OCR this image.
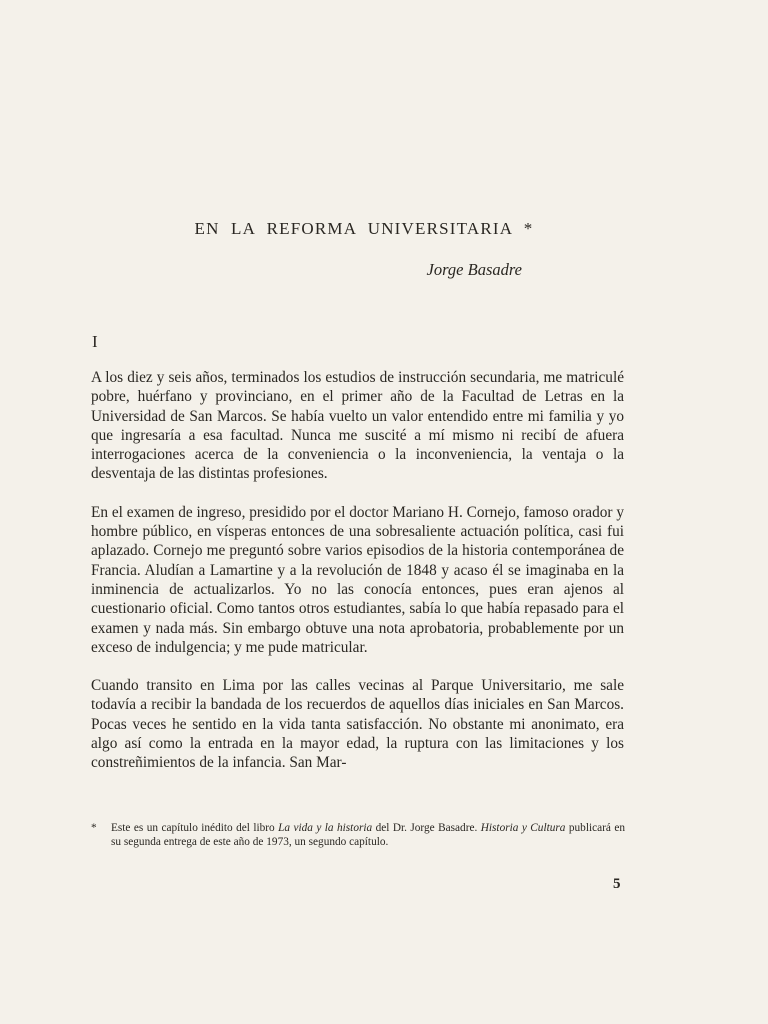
EN LA REFORMA UNIVERSITARIA *
Jorge Basadre
I

A los diez y seis años, terminados los estudios de instrucción secundaria, me matriculé pobre, huérfano y provinciano, en el primer año de la Facultad de Letras en la Universidad de San Marcos. Se había vuelto un valor entendido entre mi familia y yo que ingresaría a esa facultad. Nunca me suscité a mí mismo ni recibí de afuera interrogaciones acerca de la conveniencia o la inconveniencia, la ventaja o la desventaja de las distintas profesiones.

En el examen de ingreso, presidido por el doctor Mariano H. Cornejo, famoso orador y hombre público, en vísperas entonces de una sobresaliente actuación política, casi fui aplazado. Cornejo me preguntó sobre varios episodios de la historia contemporánea de Francia. Aludían a Lamartine y a la revolución de 1848 y acaso él se imaginaba en la inminencia de actualizarlos. Yo no las conocía entonces, pues eran ajenos al cuestionario oficial. Como tantos otros estudiantes, sabía lo que había repasado para el examen y nada más. Sin embargo obtuve una nota aprobatoria, probablemente por un exceso de indulgencia; y me pude matricular.

Cuando transito en Lima por las calles vecinas al Parque Universitario, me sale todavía a recibir la bandada de los recuerdos de aquellos días iniciales en San Marcos. Pocas veces he sentido en la vida tanta satisfacción. No obstante mi anonimato, era algo así como la entrada en la mayor edad, la ruptura con las limitaciones y los constreñimientos de la infancia. San Mar-

* Este es un capítulo inédito del libro La vida y la historia del Dr. Jorge Basadre. Historia y Cultura publicará en su segunda entrega de este año de 1973, un segundo capítulo.
5
